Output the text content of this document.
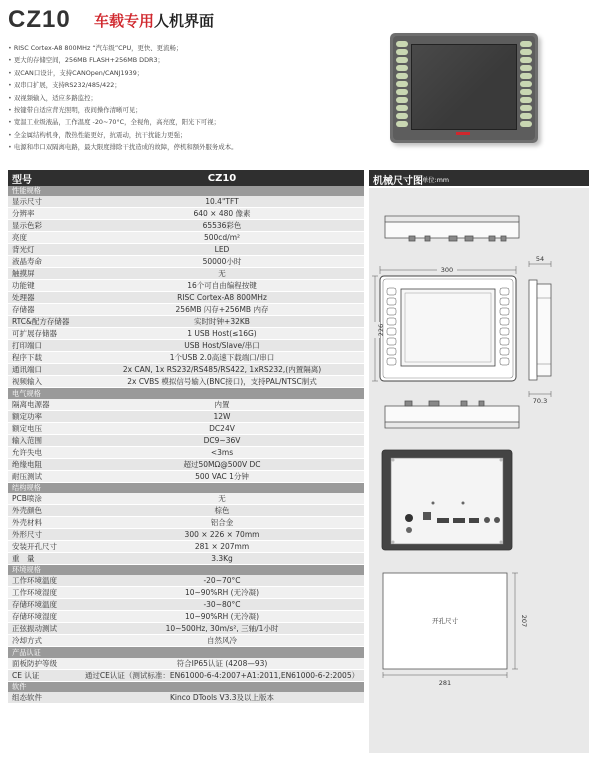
CZ10 车载专用人机界面
• RISC Cortex-A8 800MHz “汽车级”CPU，更快、更流畅；
• 更大的存储空间，256MB FLASH+256MB DDR3；
• 双CAN口设计，支持CANOpen/CANJ1939；
• 双串口扩展，支持RS232/485/422；
• 双视频输入，适应多路监控；
• 按键带自适应背光照明，夜间操作清晰可见；
• 宽温工业级液晶，工作温度 -20~70°C，全视角，高亮度，阳光下可视；
• 全金属结构机身，散热性能更好，抗震动，抗干扰能力更强；
• 电源和串口双隔离电路，最大限度排除干扰造成的故障，停机和额外服务成本。
型号	CZ10
性能规格	
显示尺寸	10.4"TFT
分辨率	640 × 480 像素
显示色彩	65536彩色
亮度	500cd/m²
背光灯	LED
液晶寿命	50000小时
触摸屏	无
功能键	16个可自由编程按键
处理器	RISC Cortex-A8 800MHz
存储器	256MB 闪存+256MB 内存
RTC&配方存储器	实时时钟+32KB
可扩展存储器	1 USB Host(≤16G)
打印端口	USB Host/Slave/串口
程序下载	1个USB 2.0高速下载端口/串口
通讯端口	2x CAN, 1x RS232/RS485/RS422, 1xRS232,(内置隔离)
视频输入	2x CVBS 模拟信号输入(BNC接口)，支持PAL/NTSC制式
电气规格	
隔离电源器	内置
额定功率	12W
额定电压	DC24V
输入范围	DC9~36V
允许失电	<3ms
绝缘电阻	超过50MΩ@500V DC
耐压测试	500 VAC 1分钟
结构规格	
PCB喷涂	无
外壳颜色	棕色
外壳材料	铝合金
外形尺寸	300 × 226 × 70mm
安装开孔尺寸	281 × 207mm
重　量	3.3Kg
环境规格	
工作环境温度	-20~70°C
工作环境湿度	10~90%RH (无冷凝)
存储环境温度	-30~80°C
存储环境湿度	10~90%RH (无冷凝)
正弦振动测试	10~500Hz, 30m/s², 三轴/1小时
冷却方式	自然风冷
产品认证	
面板防护等级	符合IP65认证 (4208—93)
CE 认证	通过CE认证（测试标准：EN61000-6-4:2007+A1:2011,EN61000-6-2:2005）
软件	
组态软件	Kinco DTools V3.3及以上版本
机械尺寸图 单位:mm
300
226
54
70.3
开孔尺寸
281
207
